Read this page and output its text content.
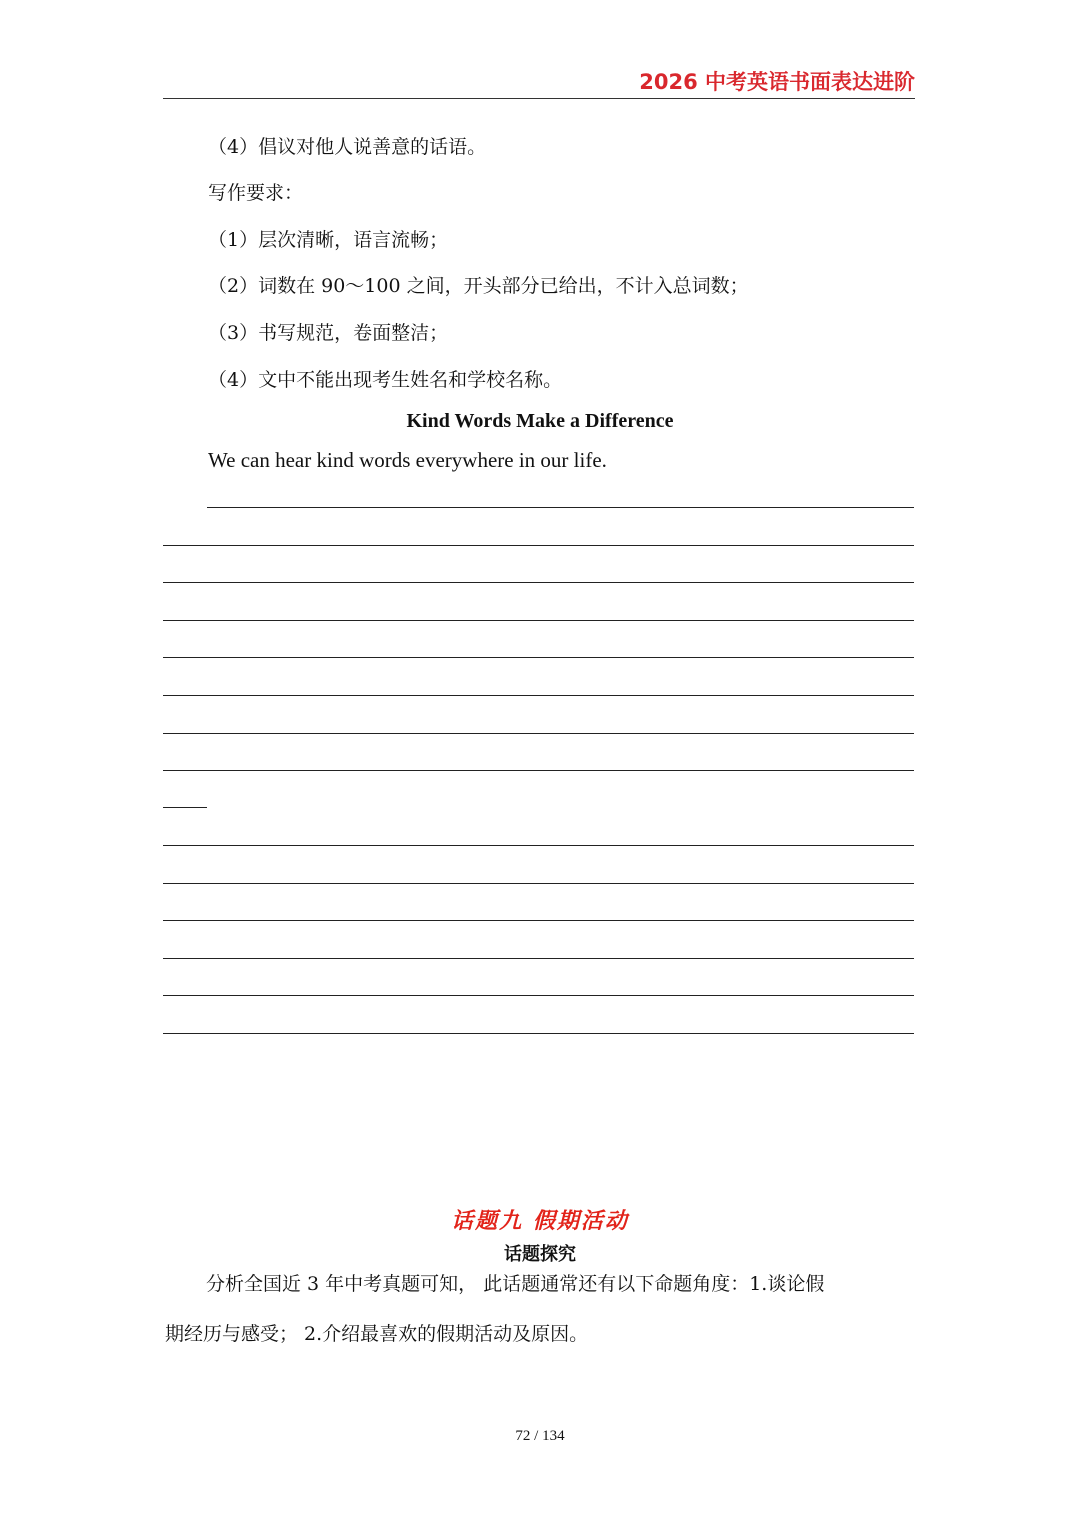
2026 中考英语书面表达进阶
（4）倡议对他人说善意的话语。
写作要求：
（1）层次清晰，语言流畅；
（2）词数在 90～100 之间，开头部分已给出，不计入总词数；
（3）书写规范，卷面整洁；
（4）文中不能出现考生姓名和学校名称。
Kind Words Make a Difference
We can hear kind words everywhere in our life.
话题九 假期活动
话题探究
分析全国近 3 年中考真题可知， 此话题通常还有以下命题角度：1.谈论假
期经历与感受； 2.介绍最喜欢的假期活动及原因。
72 / 134
